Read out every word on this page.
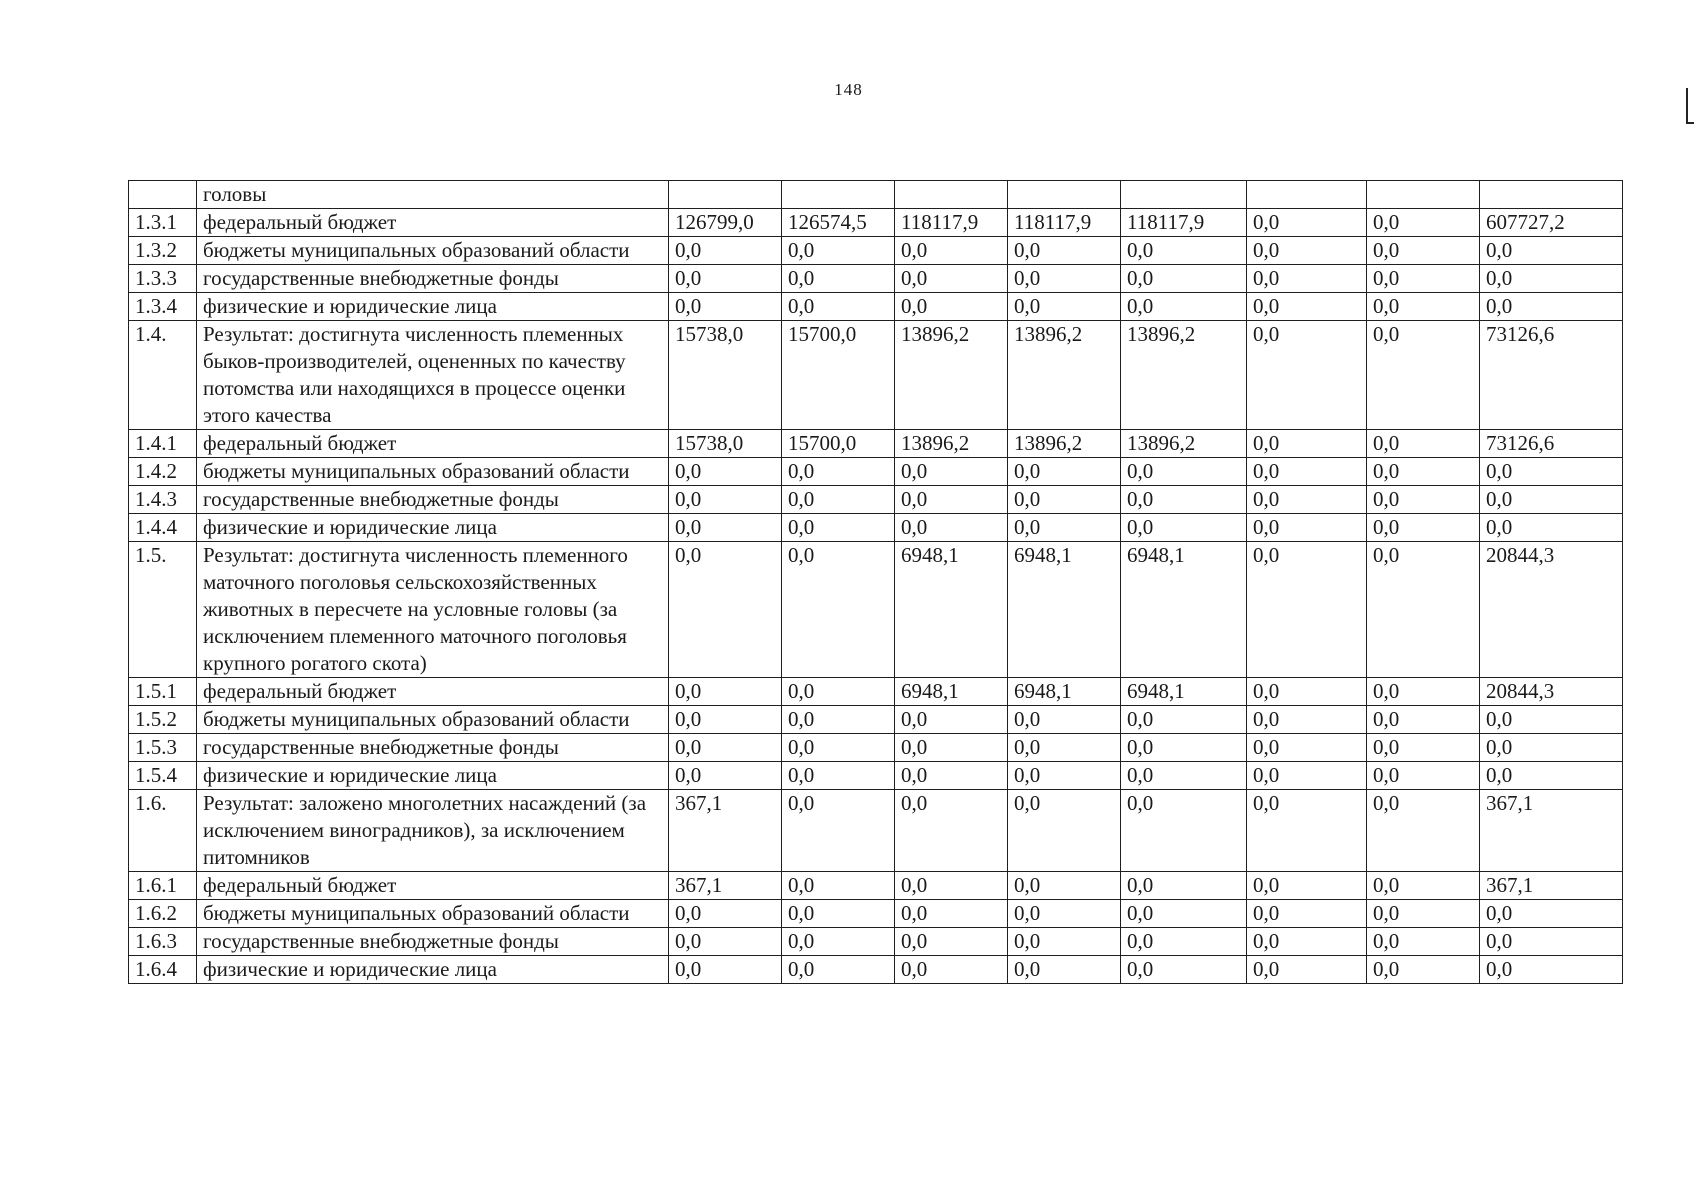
148
	головы								
1.3.1	федеральный бюджет	126799,0	126574,5	118117,9	118117,9	118117,9	0,0	0,0	607727,2
1.3.2	бюджеты муниципальных образований области	0,0	0,0	0,0	0,0	0,0	0,0	0,0	0,0
1.3.3	государственные внебюджетные фонды	0,0	0,0	0,0	0,0	0,0	0,0	0,0	0,0
1.3.4	физические и юридические лица	0,0	0,0	0,0	0,0	0,0	0,0	0,0	0,0
1.4.	Результат: достигнута численность племенных быков-производителей, оцененных по качеству потомства или находящихся в процессе оценки этого качества	15738,0	15700,0	13896,2	13896,2	13896,2	0,0	0,0	73126,6
1.4.1	федеральный бюджет	15738,0	15700,0	13896,2	13896,2	13896,2	0,0	0,0	73126,6
1.4.2	бюджеты муниципальных образований области	0,0	0,0	0,0	0,0	0,0	0,0	0,0	0,0
1.4.3	государственные внебюджетные фонды	0,0	0,0	0,0	0,0	0,0	0,0	0,0	0,0
1.4.4	физические и юридические лица	0,0	0,0	0,0	0,0	0,0	0,0	0,0	0,0
1.5.	Результат: достигнута численность племенного маточного поголовья сельскохозяйственных животных в пересчете на условные головы (за исключением племенного маточного поголовья крупного рогатого скота)	0,0	0,0	6948,1	6948,1	6948,1	0,0	0,0	20844,3
1.5.1	федеральный бюджет	0,0	0,0	6948,1	6948,1	6948,1	0,0	0,0	20844,3
1.5.2	бюджеты муниципальных образований области	0,0	0,0	0,0	0,0	0,0	0,0	0,0	0,0
1.5.3	государственные внебюджетные фонды	0,0	0,0	0,0	0,0	0,0	0,0	0,0	0,0
1.5.4	физические и юридические лица	0,0	0,0	0,0	0,0	0,0	0,0	0,0	0,0
1.6.	Результат: заложено многолетних насаждений (за исключением виноградников), за исключением питомников	367,1	0,0	0,0	0,0	0,0	0,0	0,0	367,1
1.6.1	федеральный бюджет	367,1	0,0	0,0	0,0	0,0	0,0	0,0	367,1
1.6.2	бюджеты муниципальных образований области	0,0	0,0	0,0	0,0	0,0	0,0	0,0	0,0
1.6.3	государственные внебюджетные фонды	0,0	0,0	0,0	0,0	0,0	0,0	0,0	0,0
1.6.4	физические и юридические лица	0,0	0,0	0,0	0,0	0,0	0,0	0,0	0,0
